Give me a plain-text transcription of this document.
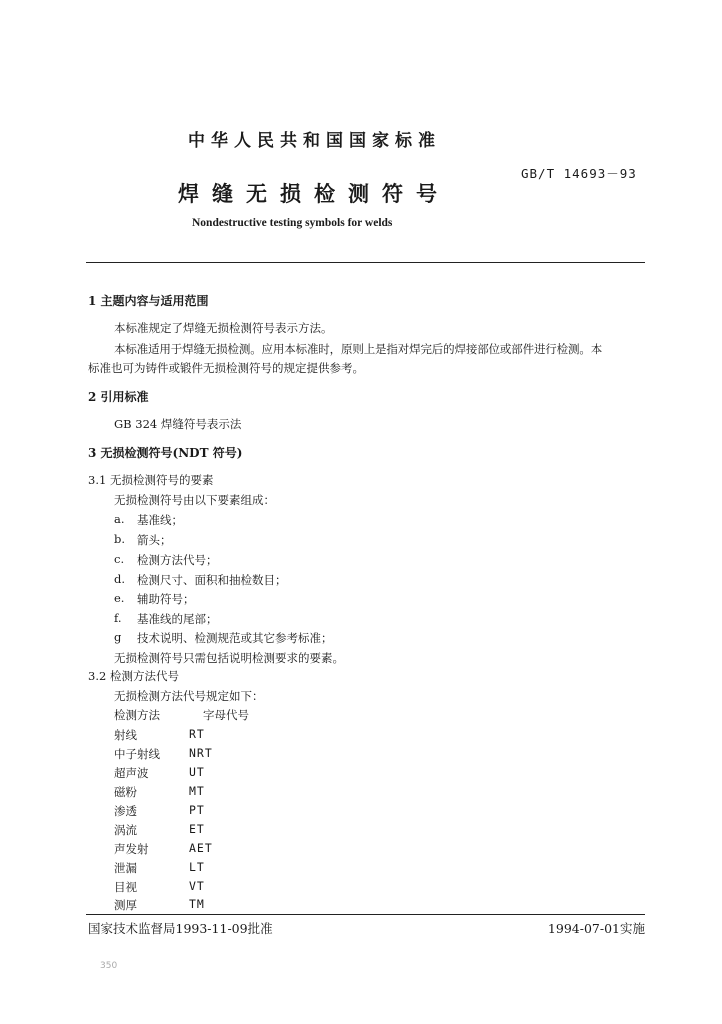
中华人民共和国国家标准
GB/T 14693－93
焊缝无损检测符号
Nondestructive testing symbols for welds
1 主题内容与适用范围
本标准规定了焊缝无损检测符号表示方法。
本标准适用于焊缝无损检测。应用本标准时，原则上是指对焊完后的焊接部位或部件进行检测。本
标准也可为铸件或锻件无损检测符号的规定提供参考。
2 引用标准
GB 324 焊缝符号表示法
3 无损检测符号(NDT 符号)
3.1 无损检测符号的要素
无损检测符号由以下要素组成：
a. 基准线；
b. 箭头；
c. 检测方法代号；
d. 检测尺寸、面积和抽检数目；
e. 辅助符号；
f. 基准线的尾部；
g 技术说明、检测规范或其它参考标准；
无损检测符号只需包括说明检测要求的要素。
3.2 检测方法代号
无损检测方法代号规定如下：
检测方法	字母代号
射线	RT
中子射线	NRT
超声波	UT
磁粉	MT
渗透	PT
涡流	ET
声发射	AET
泄漏	LT
目视	VT
测厚	TM
国家技术监督局1993-11-09批准	1994-07-01实施
350
